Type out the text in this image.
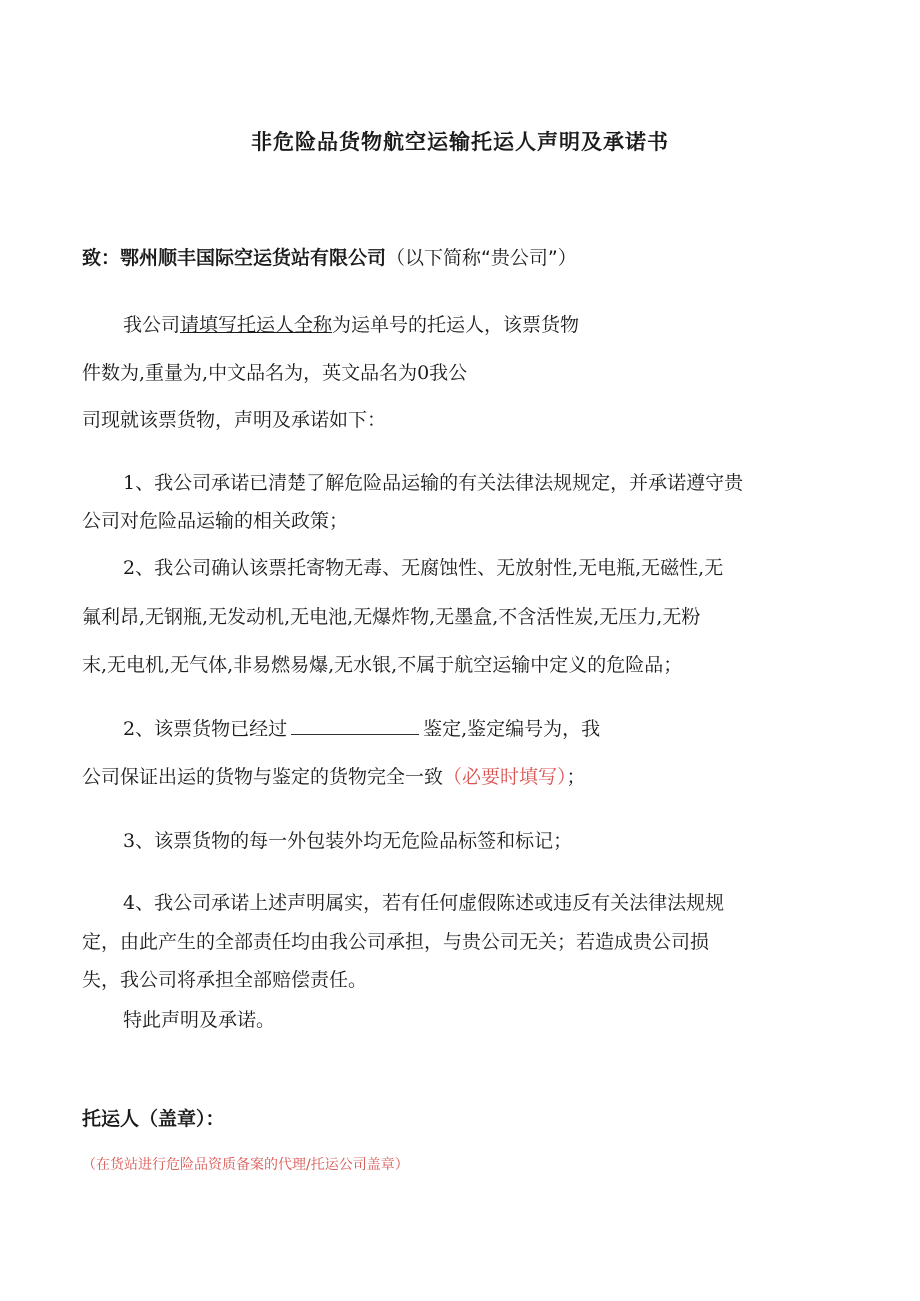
非危险品货物航空运输托运人声明及承诺书
致：鄂州顺丰国际空运货站有限公司（以下简称“贵公司”）
我公司请填写托运人全称为运单号的托运人，该票货物
件数为,重量为,中文品名为，英文品名为0我公
司现就该票货物，声明及承诺如下：
1、我公司承诺已清楚了解危险品运输的有关法律法规规定，并承诺遵守贵
公司对危险品运输的相关政策；
2、我公司确认该票托寄物无毒、无腐蚀性、无放射性,无电瓶,无磁性,无
氟利昂,无钢瓶,无发动机,无电池,无爆炸物,无墨盒,不含活性炭,无压力,无粉
末,无电机,无气体,非易燃易爆,无水银,不属于航空运输中定义的危险品；
2、该票货物已经过	鉴定,鉴定编号为，我
公司保证出运的货物与鉴定的货物完全一致（必要时填写）；
3、该票货物的每一外包装外均无危险品标签和标记；
4、我公司承诺上述声明属实，若有任何虚假陈述或违反有关法律法规规
定，由此产生的全部责任均由我公司承担，与贵公司无关；若造成贵公司损
失，我公司将承担全部赔偿责任。
特此声明及承诺。
托运人（盖章）：
（在货站进行危险品资质备案的代理/托运公司盖章）
